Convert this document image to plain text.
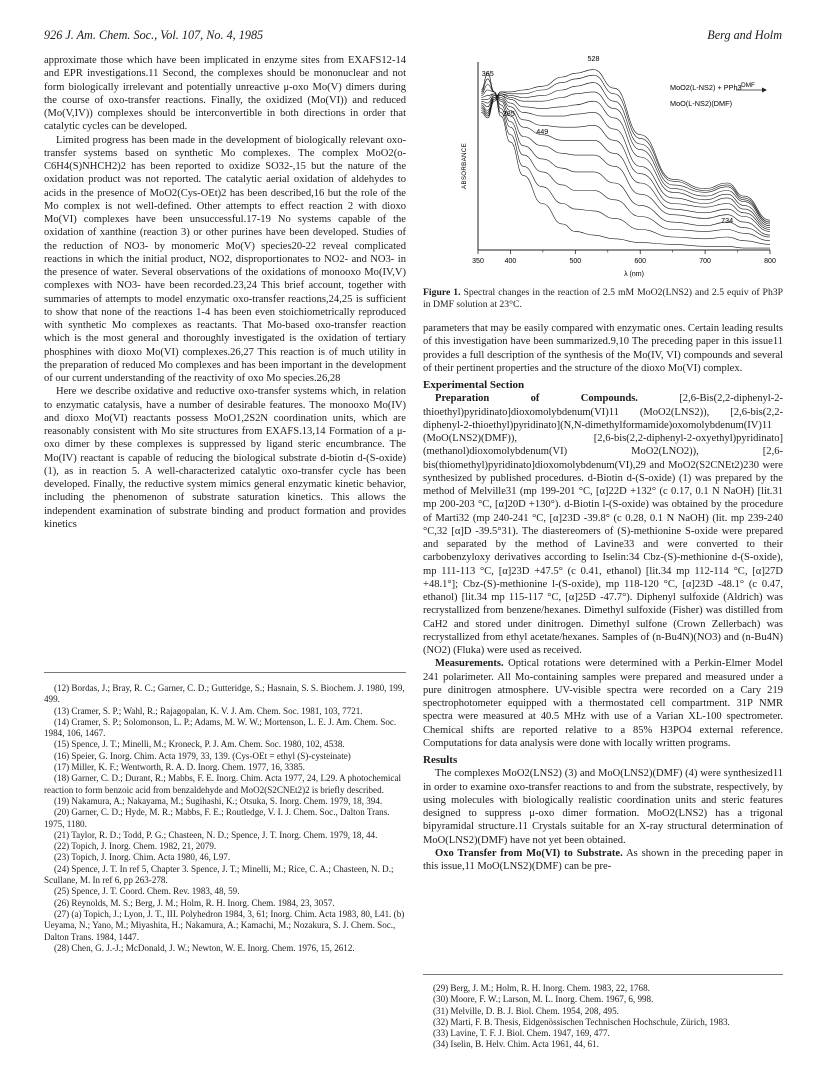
926 J. Am. Chem. Soc., Vol. 107, No. 4, 1985	Berg and Holm

approximate those which have been implicated in enzyme sites from EXAFS12-14 and EPR investigations.11 Second, the complexes should be mononuclear and not form biologically irrelevant and potentially unreactive μ-oxo Mo(V) dimers during the course of oxo-transfer reactions. Finally, the oxidized (Mo(VI)) and reduced (Mo(V,IV)) complexes should be interconvertible in both directions in order that catalytic cycles can be developed.

Limited progress has been made in the development of biologically relevant oxo-transfer systems based on synthetic Mo complexes. The complex MoO2(o-C6H4(S)NHCH2)2 has been reported to oxidize SO32-,15 but the nature of the oxidation product was not reported. The catalytic aerial oxidation of aldehydes to acids in the presence of MoO2(Cys-OEt)2 has been described,16 but the role of the Mo complex is not well-defined. Other attempts to effect reaction 2 with dioxo Mo(VI) complexes have been unsuccessful.17-19 No systems capable of the oxidation of xanthine (reaction 3) or other purines have been developed. Studies of the reduction of NO3- by monomeric Mo(V) species20-22 reveal complicated reactions in which the initial product, NO2, disproportionates to NO2- and NO3- in the presence of water. Several observations of the oxidations of monooxo Mo(IV,V) complexes with NO3- have been recorded.23,24 This brief account, together with summaries of attempts to model enzymatic oxo-transfer reactions,24,25 is sufficient to show that none of the reactions 1-4 has been even stoichiometrically reproduced with synthetic Mo complexes as reactants. That Mo-based oxo-transfer reaction which is the most general and thoroughly investigated is the oxidation of tertiary phosphines with dioxo Mo(VI) complexes.26,27 This reaction is of much utility in the preparation of reduced Mo complexes and has been important in the development of our current understanding of the reactivity of oxo Mo species.26,28

Here we describe oxidative and reductive oxo-transfer systems which, in relation to enzymatic catalysis, have a number of desirable features. The monooxo Mo(IV) and dioxo Mo(VI) reactants possess MoO1,2S2N coordination units, which are reasonably consistent with Mo site structures from EXAFS.13,14 Formation of a μ-oxo dimer by these complexes is suppressed by ligand steric encumbrance. The Mo(IV) reactant is capable of reducing the biological substrate d-biotin d-(S-oxide) (1), as in reaction 5. A well-characterized catalytic oxo-transfer cycle has been developed. Finally, the reductive system mimics general enzymatic kinetic behavior, including the phenomenon of substrate saturation kinetics. This allows the independent examination of substrate binding and product formation and provides kinetics

(12) Bordas, J.; Bray, R. C.; Garner, C. D.; Gutteridge, S.; Hasnain, S. S. Biochem. J. 1980, 199, 499.

(13) Cramer, S. P.; Wahl, R.; Rajagopalan, K. V. J. Am. Chem. Soc. 1981, 103, 7721.

(14) Cramer, S. P.; Solomonson, L. P.; Adams, M. W. W.; Mortenson, L. E. J. Am. Chem. Soc. 1984, 106, 1467.

(15) Spence, J. T.; Minelli, M.; Kroneck, P. J. Am. Chem. Soc. 1980, 102, 4538.

(16) Speier, G. Inorg. Chim. Acta 1979, 33, 139. (Cys-OEt = ethyl (S)-cysteinate)

(17) Miller, K. F.; Wentworth, R. A. D. Inorg. Chem. 1977, 16, 3385.

(18) Garner, C. D.; Durant, R.; Mabbs, F. E. Inorg. Chim. Acta 1977, 24, L29. A photochemical reaction to form benzoic acid from benzaldehyde and MoO2(S2CNEt2)2 is briefly described.

(19) Nakamura, A.; Nakayama, M.; Sugihashi, K.; Otsuka, S. Inorg. Chem. 1979, 18, 394.

(20) Garner, C. D.; Hyde, M. R.; Mabbs, F. E.; Routledge, V. I. J. Chem. Soc., Dalton Trans. 1975, 1180.

(21) Taylor, R. D.; Todd, P. G.; Chasteen, N. D.; Spence, J. T. Inorg. Chem. 1979, 18, 44.

(22) Topich, J. Inorg. Chem. 1982, 21, 2079.

(23) Topich, J. Inorg. Chim. Acta 1980, 46, L97.

(24) Spence, J. T. In ref 5, Chapter 3. Spence, J. T.; Minelli, M.; Rice, C. A.; Chasteen, N. D.; Scullane, M. In ref 6, pp 263-278.

(25) Spence, J. T. Coord. Chem. Rev. 1983, 48, 59.

(26) Reynolds, M. S.; Berg, J. M.; Holm, R. H. Inorg. Chem. 1984, 23, 3057.

(27) (a) Topich, J.; Lyon, J. T., III. Polyhedron 1984, 3, 61; Inorg. Chim. Acta 1983, 80, L41. (b) Ueyama, N.; Yano, M.; Miyashita, H.; Nakamura, A.; Kamachi, M.; Nozakura, S. J. Chem. Soc., Dalton Trans. 1984, 1447.

(28) Chen, G. J.-J.; McDonald, J. W.; Newton, W. E. Inorg. Chem. 1976, 15, 2612.

350	400	500	600	700	800
365
528
385
449
734
ABSORBANCE
λ (nm)
MoO2(L-NS2) + PPh3 DMF
MoO(L-NS2)(DMF)
Figure 1. Spectral changes in the reaction of 2.5 mM MoO2(LNS2) and 2.5 equiv of Ph3P in DMF solution at 23°C.

parameters that may be easily compared with enzymatic ones. Certain leading results of this investigation have been summarized.9,10 The preceding paper in this issue11 provides a full description of the synthesis of the Mo(IV, VI) compounds and several of their pertinent properties and the structure of the dioxo Mo(VI) complex.

Experimental Section

Preparation of Compounds.	[2,6-Bis(2,2-diphenyl-2-thioethyl)pyridinato]dioxomolybdenum(VI)11 (MoO2(LNS2)), [2,6-bis(2,2-diphenyl-2-thioethyl)pyridinato](N,N-dimethylformamide)oxomolybdenum(IV)11 (MoO(LNS2)(DMF)), [2,6-bis(2,2-diphenyl-2-oxyethyl)pyridinato](methanol)dioxomolybdenum(VI) MoO2(LNO2)), [2,6-bis(thiomethyl)pyridinato]dioxomolybdenum(VI),29 and MoO2(S2CNEt2)230 were synthesized by published procedures. d-Biotin d-(S-oxide) (1) was prepared by the method of Melville31 (mp 199-201 °C, [α]22D +132° (c 0.17, 0.1 N NaOH) [lit.31 mp 200-203 °C, [α]20D +130°). d-Biotin l-(S-oxide) was obtained by the procedure of Marti32 (mp 240-241 °C, [α]23D -39.8° (c 0.28, 0.1 N NaOH) (lit. mp 239-240 °C,32 [α]D -39.5°31). The diastereomers of (S)-methionine S-oxide were prepared and separated by the method of Lavine33 and were converted to their carbobenzyloxy derivatives according to Iselin:34 Cbz-(S)-methionine d-(S-oxide), mp 111-113 °C, [α]23D +47.5° (c 0.41, ethanol) [lit.34 mp 112-114 °C, [α]27D +48.1°]; Cbz-(S)-methionine l-(S-oxide), mp 118-120 °C, [α]23D -48.1° (c 0.47, ethanol) [lit.34 mp 115-117 °C, [α]25D -47.7°). Diphenyl sulfoxide (Aldrich) was recrystallized from benzene/hexanes. Dimethyl sulfoxide (Fisher) was distilled from CaH2 and stored under dinitrogen. Dimethyl sulfone (Crown Zellerbach) was recrystallized from ethyl acetate/hexanes. Samples of (n-Bu4N)(NO3) and (n-Bu4N)(NO2) (Fluka) were used as received.

Measurements. Optical rotations were determined with a Perkin-Elmer Model 241 polarimeter. All Mo-containing samples were prepared and measured under a pure dinitrogen atmosphere. UV-visible spectra were recorded on a Cary 219 spectrophotometer equipped with a thermostated cell compartment. 31P NMR spectra were measured at 40.5 MHz with use of a Varian XL-100 spectrometer. Chemical shifts are reported relative to a 85% H3PO4 external reference. Computations for data analysis were done with locally written programs.

Results

The complexes MoO2(LNS2) (3) and MoO(LNS2)(DMF) (4) were synthesized11 in order to examine oxo-transfer reactions to and from the substrate, respectively, by using molecules with biologically realistic coordination units and steric features designed to suppress μ-oxo dimer formation. MoO2(LNS2) has a trigonal bipyramidal structure.11 Crystals suitable for an X-ray structural determination of MoO(LNS2)(DMF) have not yet been obtained.

Oxo Transfer from Mo(VI) to Substrate. As shown in the preceding paper in this issue,11 MoO(LNS2)(DMF) can be pre-

(29) Berg, J. M.; Holm, R. H. Inorg. Chem. 1983, 22, 1768.

(30) Moore, F. W.; Larson, M. L. Inorg. Chem. 1967, 6, 998.

(31) Melville, D. B. J. Biol. Chem. 1954, 208, 495.

(32) Marti, F. B. Thesis, Eidgenössischen Technischen Hochschule, Zürich, 1983.

(33) Lavine, T. F. J. Biol. Chem. 1947, 169, 477.

(34) Iselin, B. Helv. Chim. Acta 1961, 44, 61.
